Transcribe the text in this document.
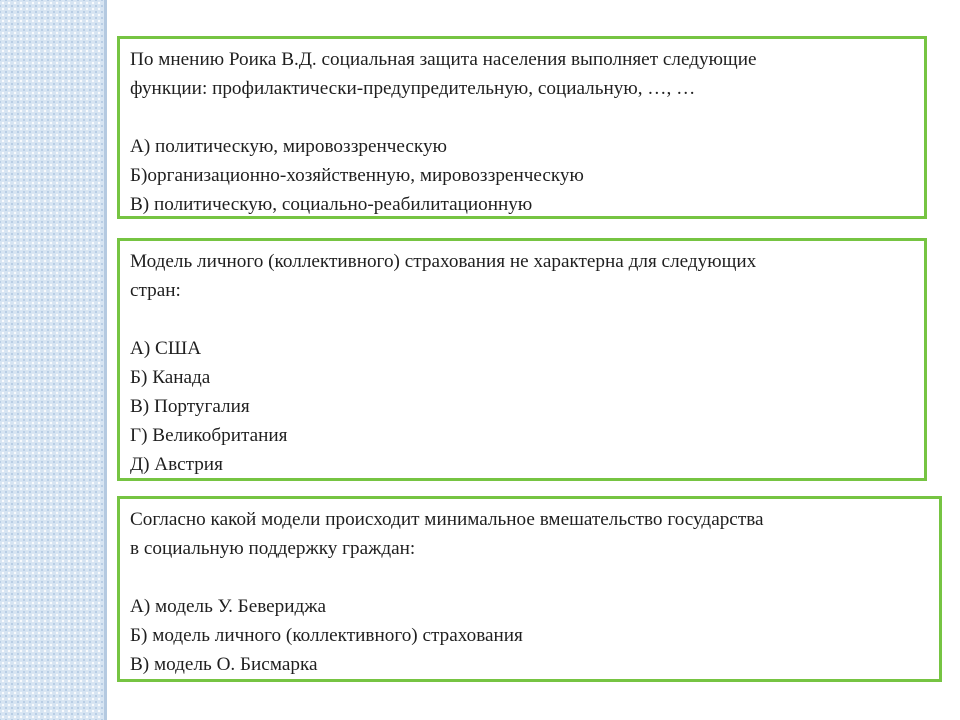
По мнению Роика В.Д. социальная защита населения выполняет следующие
функции: профилактически-предупредительную, социальную, …, …
А) политическую, мировоззренческую
Б)организационно-хозяйственную, мировоззренческую
В) политическую, социально-реабилитационную
Модель личного (коллективного) страхования не характерна для следующих
стран:
А) США
Б) Канада
В) Португалия
Г) Великобритания
Д) Австрия
Согласно какой модели происходит минимальное вмешательство государства
в социальную поддержку граждан:
А) модель У. Бевериджа
Б) модель личного (коллективного) страхования
В) модель О. Бисмарка
